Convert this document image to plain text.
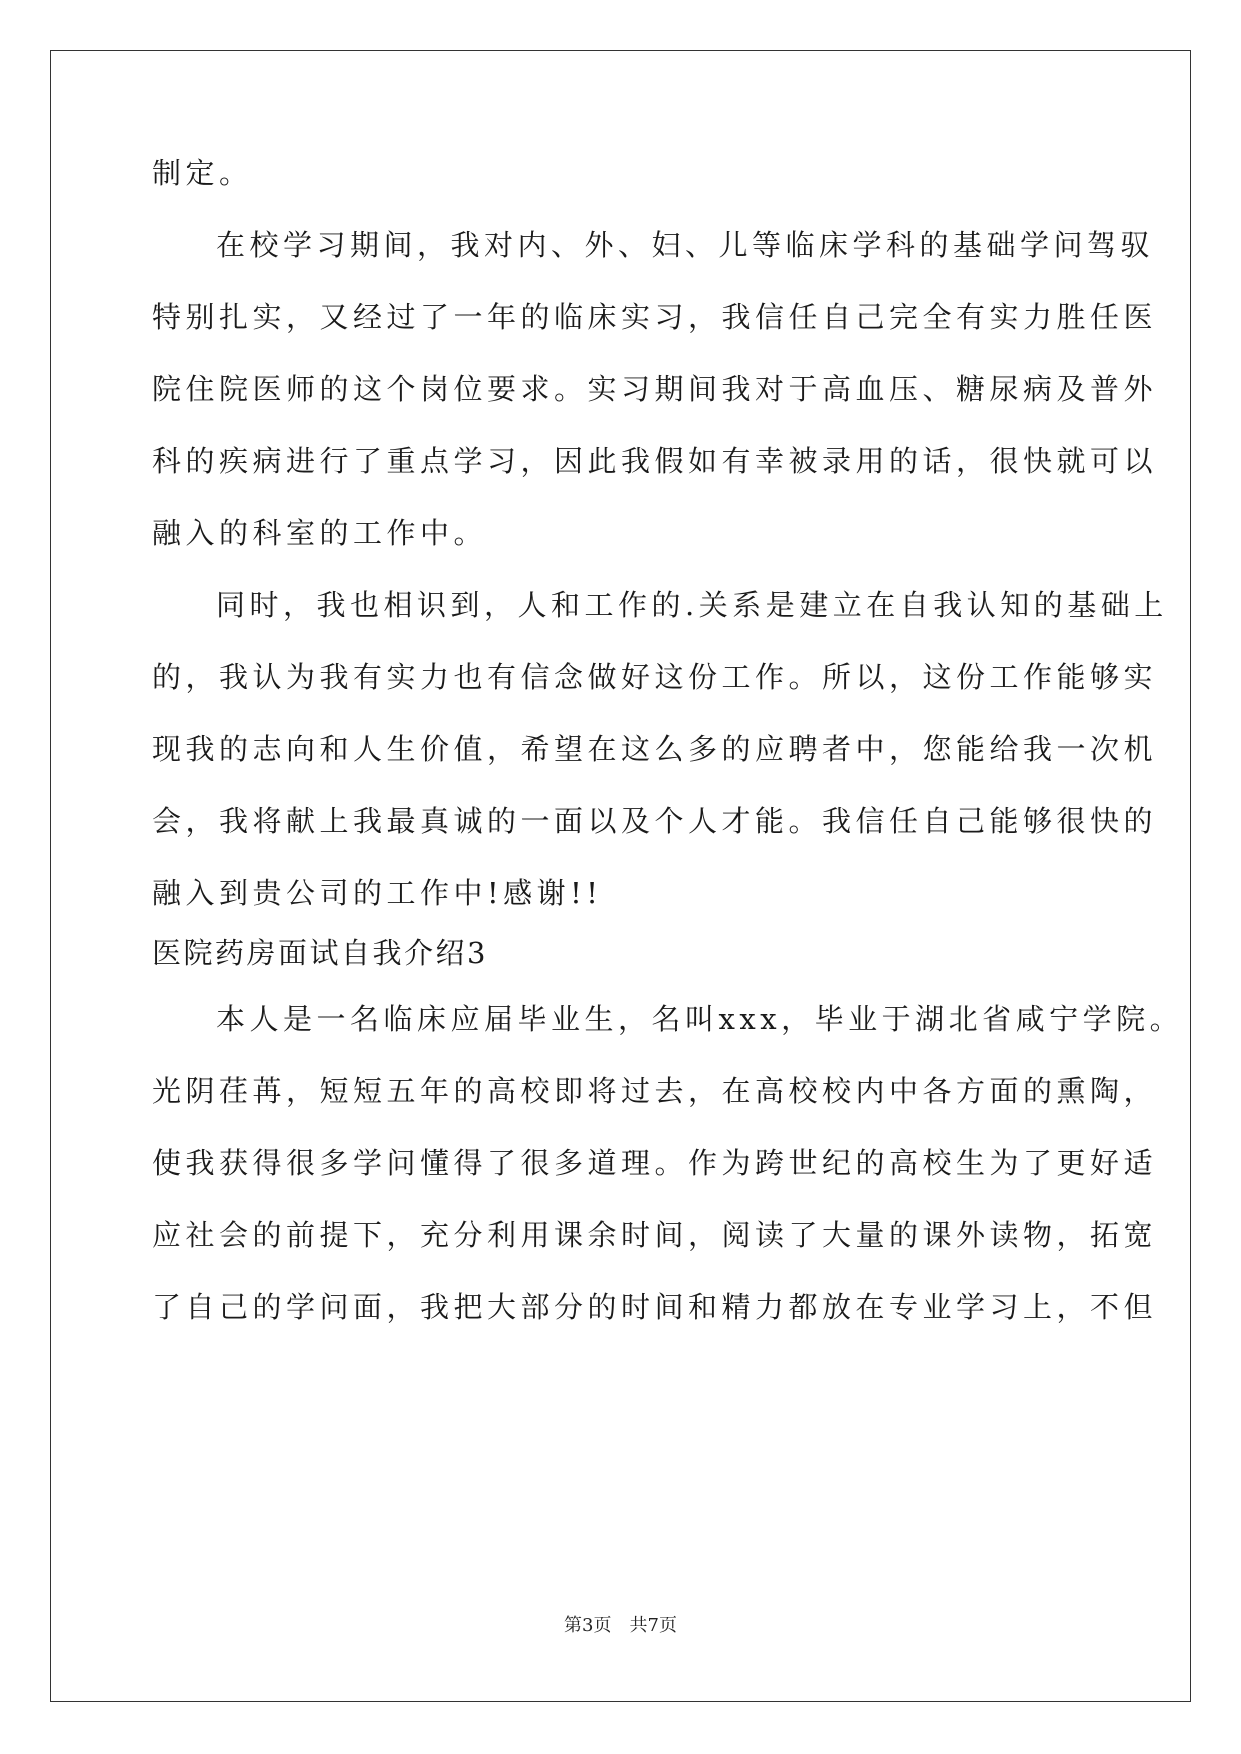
制定。
在校学习期间，我对内、外、妇、儿等临床学科的基础学问驾驭
特别扎实，又经过了一年的临床实习，我信任自己完全有实力胜任医
院住院医师的这个岗位要求。实习期间我对于高血压、糖尿病及普外
科的疾病进行了重点学习，因此我假如有幸被录用的话，很快就可以
融入的科室的工作中。
同时，我也相识到，人和工作的.关系是建立在自我认知的基础上
的，我认为我有实力也有信念做好这份工作。所以，这份工作能够实
现我的志向和人生价值，希望在这么多的应聘者中，您能给我一次机
会，我将献上我最真诚的一面以及个人才能。我信任自己能够很快的
融入到贵公司的工作中!感谢!!
医院药房面试自我介绍3
本人是一名临床应届毕业生，名叫xxx，毕业于湖北省咸宁学院。
光阴荏苒，短短五年的高校即将过去，在高校校内中各方面的熏陶，
使我获得很多学问懂得了很多道理。作为跨世纪的高校生为了更好适
应社会的前提下，充分利用课余时间，阅读了大量的课外读物，拓宽
了自己的学问面，我把大部分的时间和精力都放在专业学习上，不但
第3页　共7页
